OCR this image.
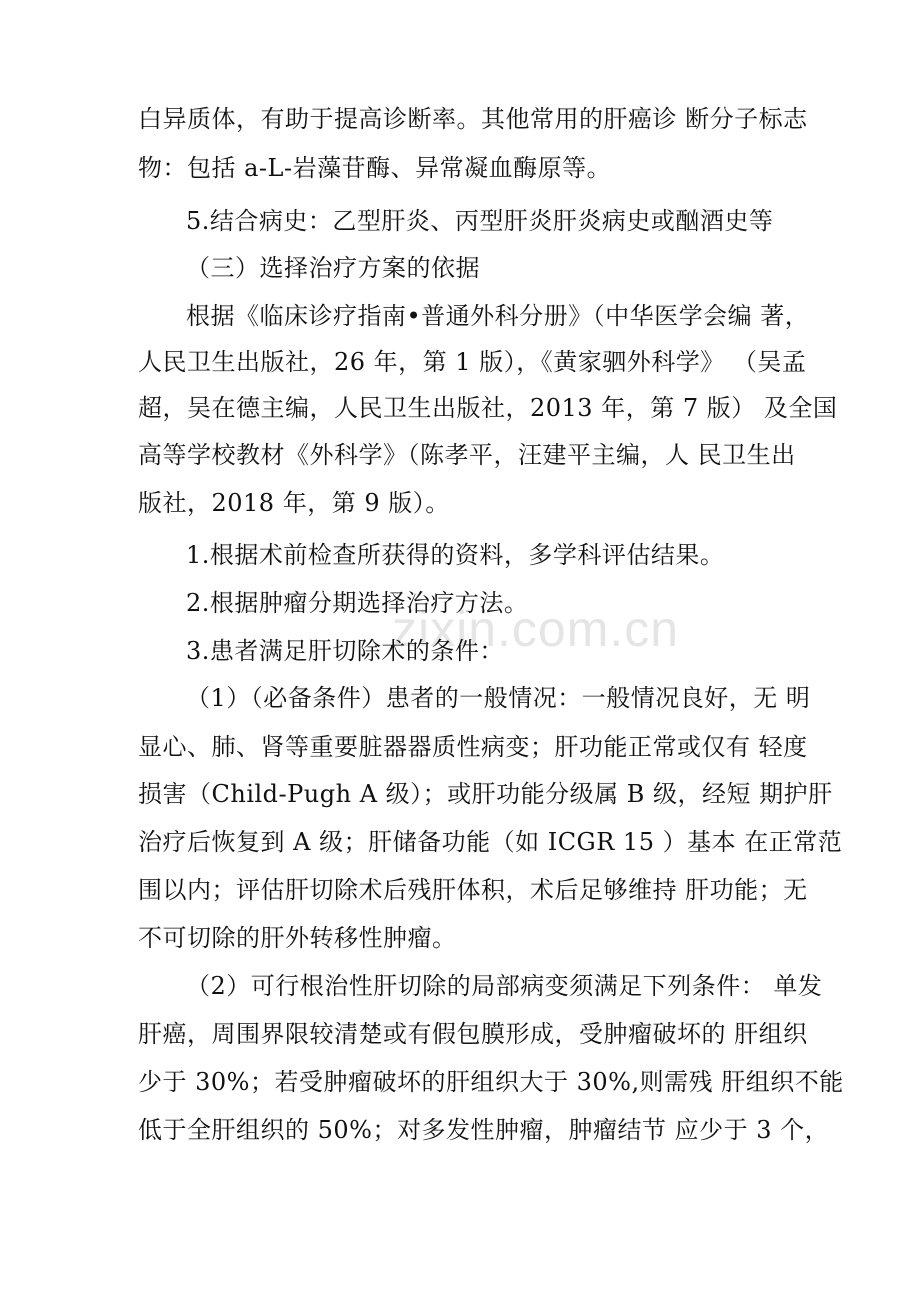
zixin.com.cn
白异质体，有助于提高诊断率。其他常用的肝癌诊 断分子标志
物：包括 a-L-岩藻苷酶、异常凝血酶原等。
5.结合病史：乙型肝炎、丙型肝炎肝炎病史或酗酒史等
（三）选择治疗方案的依据
根据《临床诊疗指南•普通外科分册》（中华医学会编 著，
人民卫生出版社，26 年，第 1 版），《黄家驷外科学》 （吴孟
超，吴在德主编，人民卫生出版社，2013 年，第 7 版） 及全国
高等学校教材《外科学》（陈孝平，汪建平主编，人 民卫生出
版社，2018 年，第 9 版）。
1.根据术前检查所获得的资料，多学科评估结果。
2.根据肿瘤分期选择治疗方法。
3.患者满足肝切除术的条件：
（1）（必备条件）患者的一般情况：一般情况良好，无 明
显心、肺、肾等重要脏器器质性病变；肝功能正常或仅有 轻度
损害（Child-Pugh A 级）；或肝功能分级属 B 级，经短 期护肝
治疗后恢复到 A 级；肝储备功能（如 ICGR 15 ）基本 在正常范
围以内；评估肝切除术后残肝体积，术后足够维持 肝功能；无
不可切除的肝外转移性肿瘤。
（2）可行根治性肝切除的局部病变须满足下列条件： 单发
肝癌，周围界限较清楚或有假包膜形成，受肿瘤破坏的 肝组织
少于 30%；若受肿瘤破坏的肝组织大于 30%,则需残 肝组织不能
低于全肝组织的 50%；对多发性肿瘤，肿瘤结节 应少于 3 个，
